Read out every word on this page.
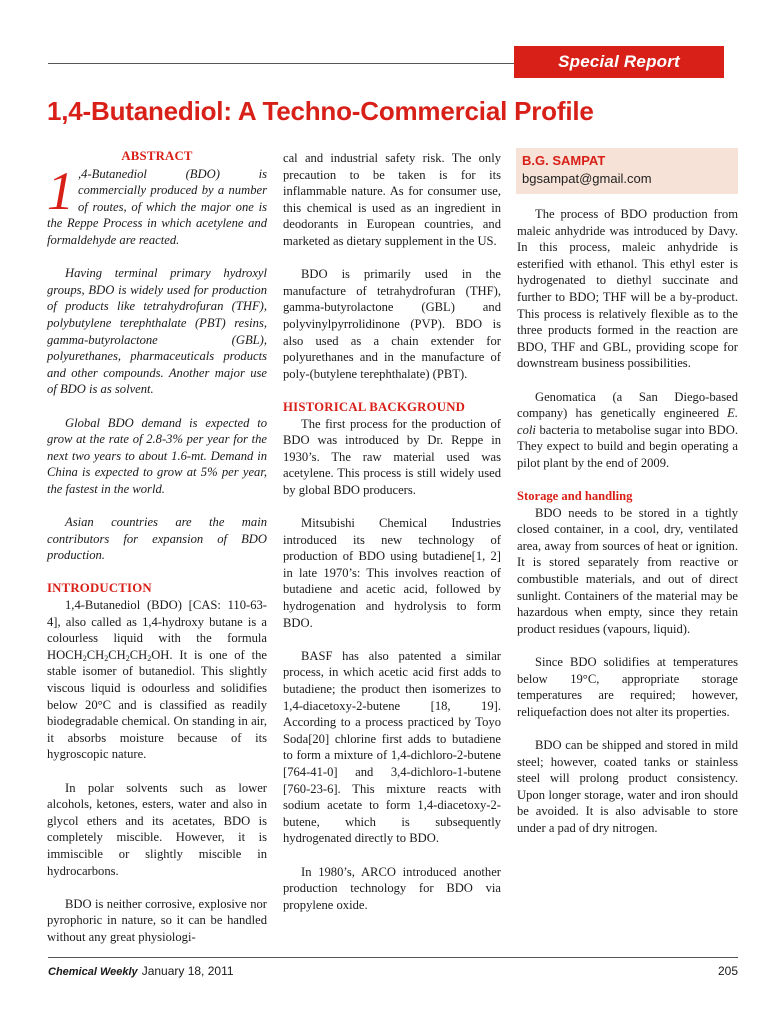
Special Report
1,4-Butanediol: A Techno-Commercial Profile
ABSTRACT

1 ,4-Butanediol (BDO) is commercially produced by a number of routes, of which the major one is the Reppe Process in which acetylene and formaldehyde are reacted.

Having terminal primary hydroxyl groups, BDO is widely used for production of products like tetrahydrofuran (THF), polybutylene terephthalate (PBT) resins, gamma-butyrolactone (GBL), polyurethanes, pharmaceuticals products and other compounds. Another major use of BDO is as solvent.

Global BDO demand is expected to grow at the rate of 2.8-3% per year for the next two years to about 1.6-mt. Demand in China is expected to grow at 5% per year, the fastest in the world.

Asian countries are the main contributors for expansion of BDO production.

INTRODUCTION

1,4-Butanediol (BDO) [CAS: 110-63-4], also called as 1,4-hydroxy butane is a colourless liquid with the formula $HOCH_2CH_2CH_2CH_2OH$. It is one of the stable isomer of butanediol. This slightly viscous liquid is odourless and solidifies below 20°C and is classified as readily biodegradable chemical. On standing in air, it absorbs moisture because of its hygroscopic nature.

In polar solvents such as lower alcohols, ketones, esters, water and also in glycol ethers and its acetates, BDO is completely miscible. However, it is immiscible or slightly miscible in hydrocarbons.

BDO is neither corrosive, explosive nor pyrophoric in nature, so it can be handled without any great physiologi-

cal and industrial safety risk. The only precaution to be taken is for its inflammable nature. As for consumer use, this chemical is used as an ingredient in deodorants in European countries, and marketed as dietary supplement in the US.

BDO is primarily used in the manufacture of tetrahydrofuran (THF), gamma-butyrolactone (GBL) and polyvinylpyrrolidinone (PVP). BDO is also used as a chain extender for polyurethanes and in the manufacture of poly-(butylene terephthalate) (PBT).

HISTORICAL BACKGROUND

The first process for the production of BDO was introduced by Dr. Reppe in 1930’s. The raw material used was acetylene. This process is still widely used by global BDO producers.

Mitsubishi Chemical Industries introduced its new technology of production of BDO using butadiene[1, 2] in late 1970’s: This involves reaction of butadiene and acetic acid, followed by hydrogenation and hydrolysis to form BDO.

BASF has also patented a similar process, in which acetic acid first adds to butadiene; the product then isomerizes to 1,4-diacetoxy-2-butene [18, 19]. According to a process practiced by Toyo Soda[20] chlorine first adds to butadiene to form a mixture of 1,4-dichloro-2-butene [764-41-0] and 3,4-dichloro-1-butene [760-23-6]. This mixture reacts with sodium acetate to form 1,4-diacetoxy-2-butene, which is subsequently hydrogenated directly to BDO.

In 1980’s, ARCO introduced another production technology for BDO via propylene oxide.

B.G. SAMPAT
bgsampat@gmail.com

The process of BDO production from maleic anhydride was introduced by Davy. In this process, maleic anhydride is esterified with ethanol. This ethyl ester is hydrogenated to diethyl succinate and further to BDO; THF will be a by-product. This process is relatively flexible as to the three products formed in the reaction are BDO, THF and GBL, providing scope for downstream business possibilities.

Genomatica (a San Diego-based company) has genetically engineered E. coli bacteria to metabolise sugar into BDO. They expect to build and begin operating a pilot plant by the end of 2009.

Storage and handling

BDO needs to be stored in a tightly closed container, in a cool, dry, ventilated area, away from sources of heat or ignition. It is stored separately from reactive or combustible materials, and out of direct sunlight. Containers of the material may be hazardous when empty, since they retain product residues (vapours, liquid).

Since BDO solidifies at temperatures below 19°C, appropriate storage temperatures are required; however, reliquefaction does not alter its properties.

BDO can be shipped and stored in mild steel; however, coated tanks or stainless steel will prolong product consistency. Upon longer storage, water and iron should be avoided. It is also advisable to store under a pad of dry nitrogen.

Chemical Weekly January 18, 2011	205
